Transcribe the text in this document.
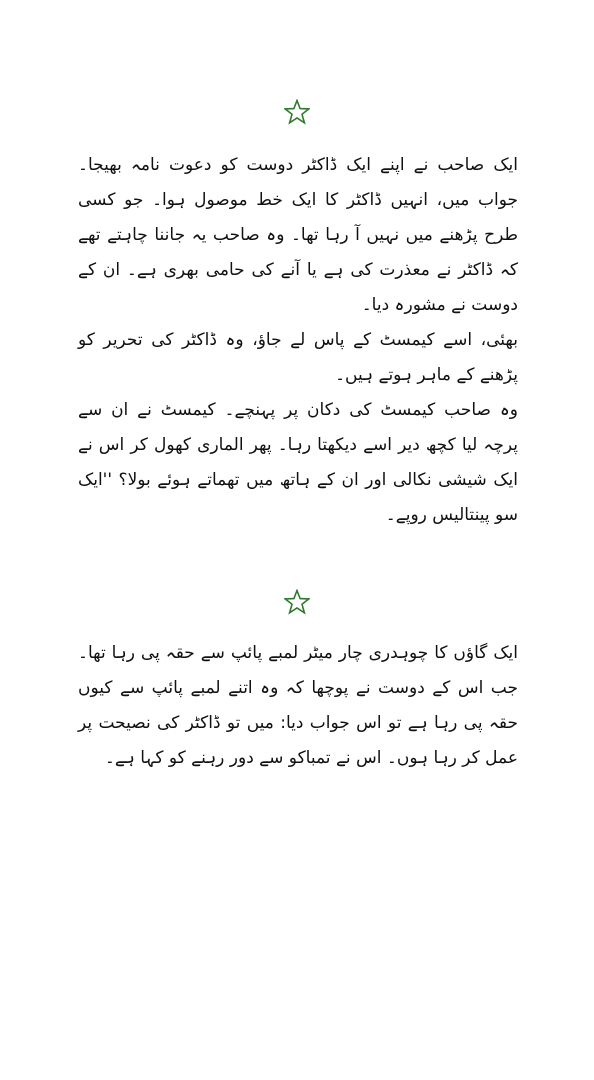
ایک صاحب نے اپنے ایک ڈاکٹر دوست کو دعوت نامہ بھیجا۔ جواب میں، انہیں ڈاکٹر کا ایک خط موصول ہوا۔ جو کسی طرح پڑھنے میں نہیں آ رہا تھا۔ وہ صاحب یہ جاننا چاہتے تھے کہ ڈاکٹر نے معذرت کی ہے یا آنے کی حامی بھری ہے۔ ان کے دوست نے مشورہ دیا۔

بھئی، اسے کیمسٹ کے پاس لے جاؤ، وہ ڈاکٹر کی تحریر کو پڑھنے کے ماہر ہوتے ہیں۔

وہ صاحب کیمسٹ کی دکان پر پہنچے۔ کیمسٹ نے ان سے پرچہ لیا کچھ دیر اسے دیکھتا رہا۔ پھر الماری کھول کر اس نے ایک شیشی نکالی اور ان کے ہاتھ میں تھماتے ہوئے بولا؟ ''ایک سو پینتالیس روپے۔

ایک گاؤں کا چوہدری چار میٹر لمبے پائپ سے حقہ پی رہا تھا۔ جب اس کے دوست نے پوچھا کہ وہ اتنے لمبے پائپ سے کیوں حقہ پی رہا ہے تو اس جواب دیا: میں تو ڈاکٹر کی نصیحت پر عمل کر رہا ہوں۔ اس نے تمباکو سے دور رہنے کو کہا ہے۔
